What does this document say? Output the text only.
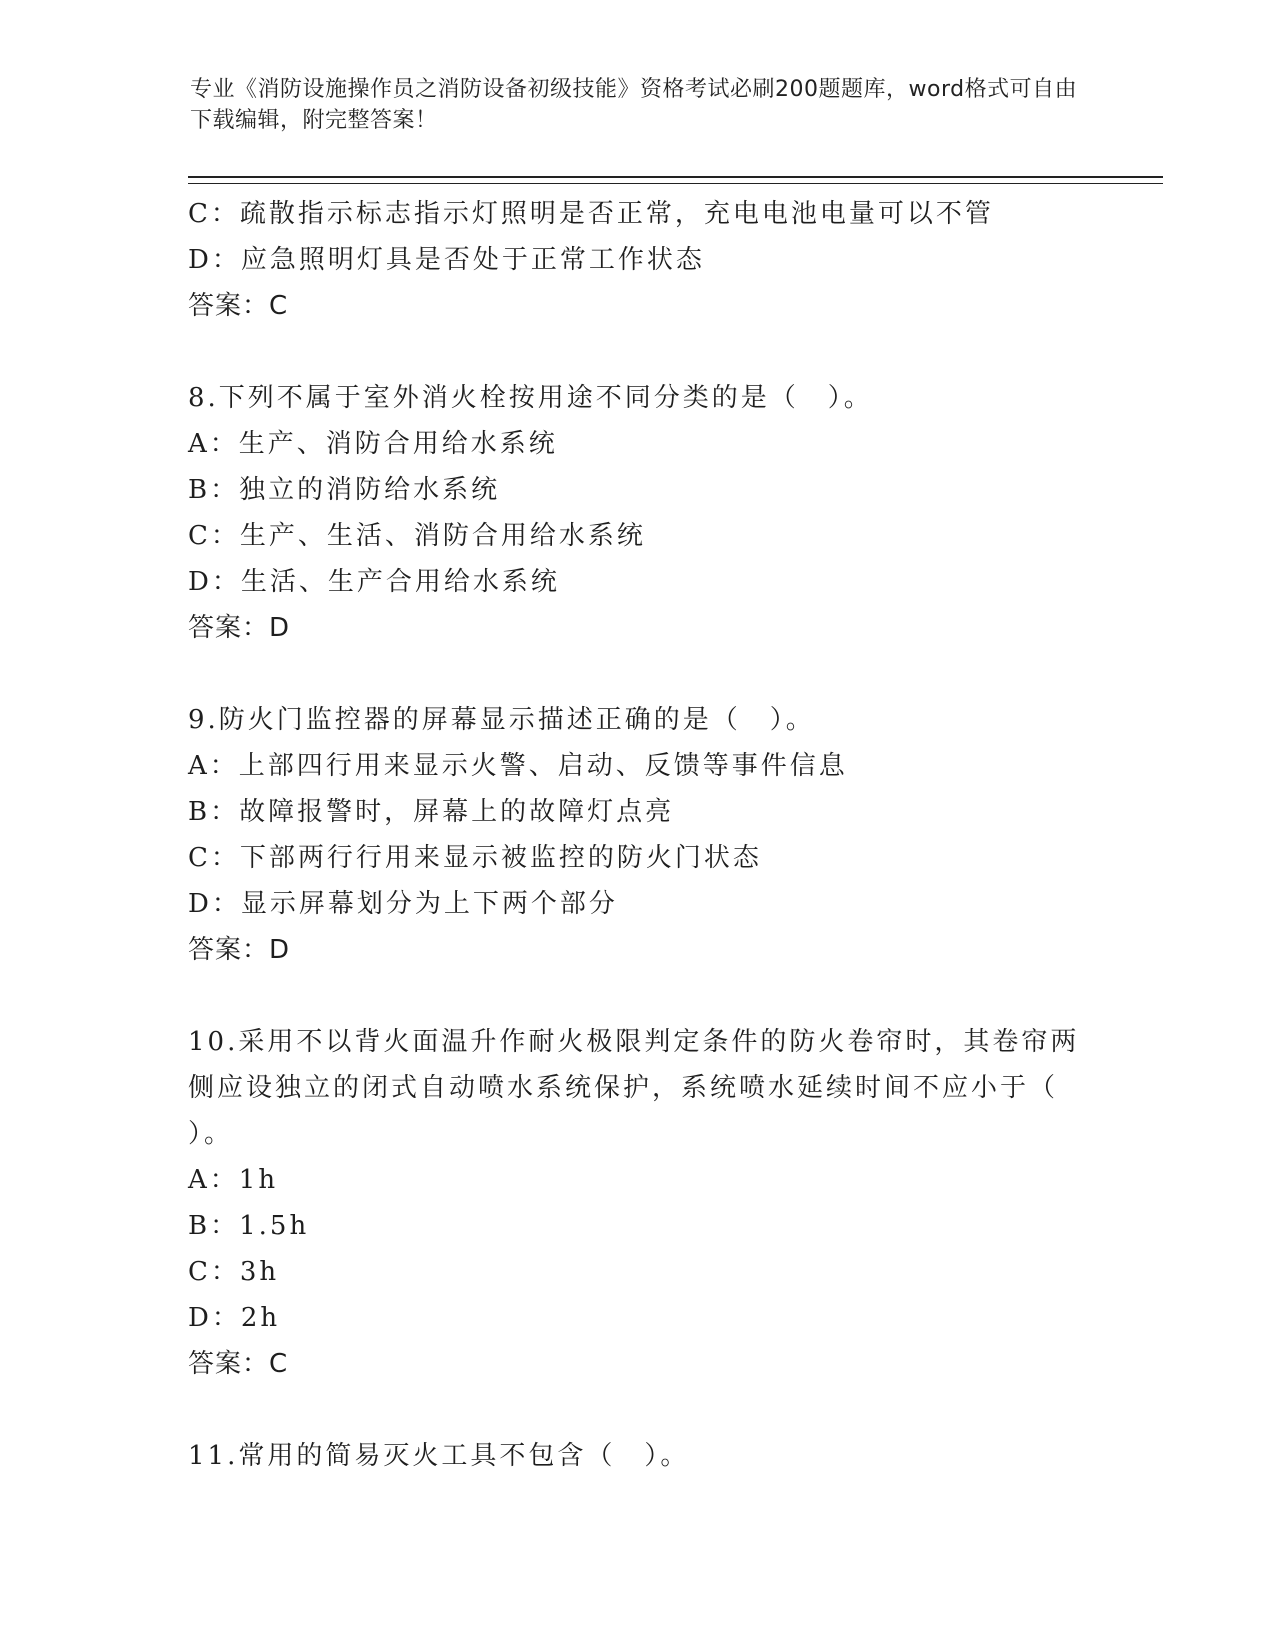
专业《消防设施操作员之消防设备初级技能》资格考试必刷200题题库，word格式可自由下载编辑，附完整答案！
C：疏散指示标志指示灯照明是否正常，充电电池电量可以不管
D：应急照明灯具是否处于正常工作状态
答案：C
8.下列不属于室外消火栓按用途不同分类的是（　）。
A：生产、消防合用给水系统
B：独立的消防给水系统
C：生产、生活、消防合用给水系统
D：生活、生产合用给水系统
答案：D
9.防火门监控器的屏幕显示描述正确的是（　）。
A：上部四行用来显示火警、启动、反馈等事件信息
B：故障报警时，屏幕上的故障灯点亮
C：下部两行行用来显示被监控的防火门状态
D：显示屏幕划分为上下两个部分
答案：D
10.采用不以背火面温升作耐火极限判定条件的防火卷帘时，其卷帘两
侧应设独立的闭式自动喷水系统保护，系统喷水延续时间不应小于（
）。
A：1h
B：1.5h
C：3h
D：2h
答案：C
11.常用的简易灭火工具不包含（　）。
